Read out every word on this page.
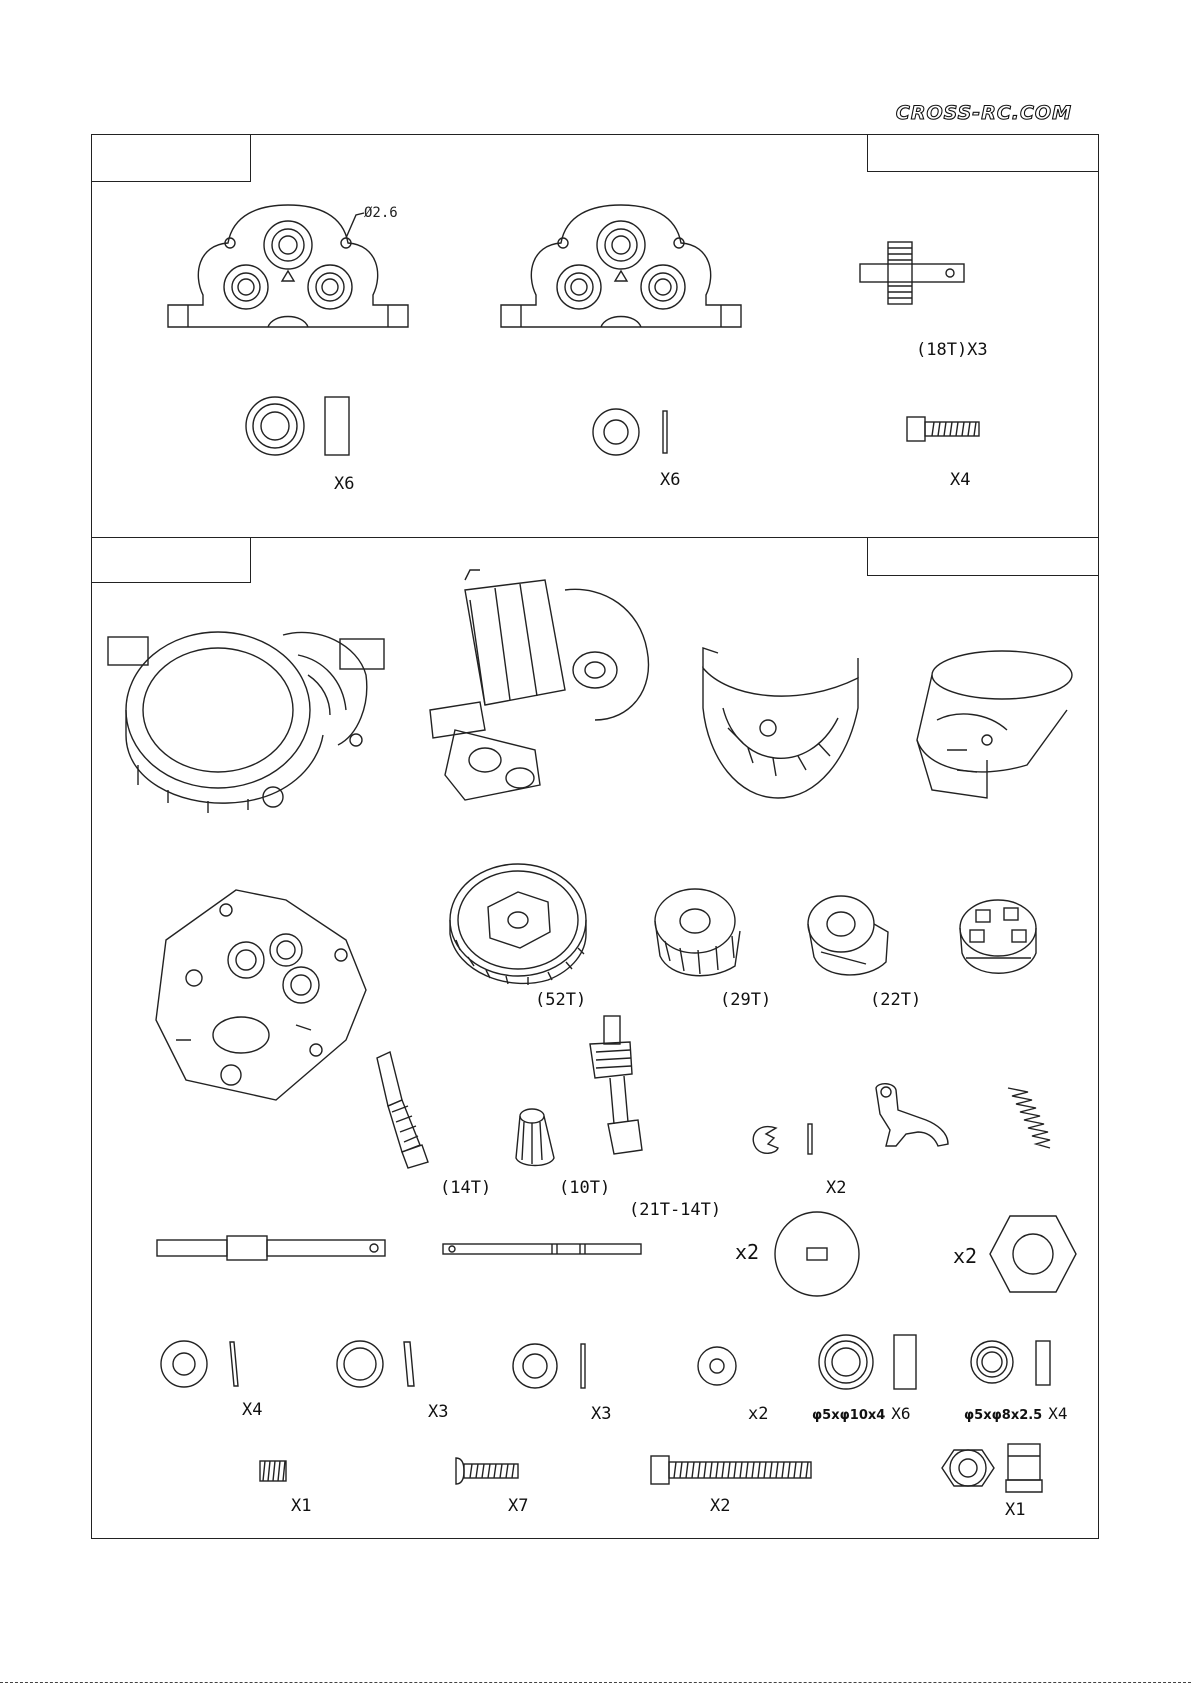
CROSS-RC.COM
Ø2.6
(18T)X3
X6	X6	X4
(52T)	(29T)	(22T)
(14T)	(10T)
(21T-14T)
X2
x2	x2
X4	X3	X3	x2	φ5xφ10x4 X6	φ5xφ8x2.5 X4
X1	X7	X2	X1
